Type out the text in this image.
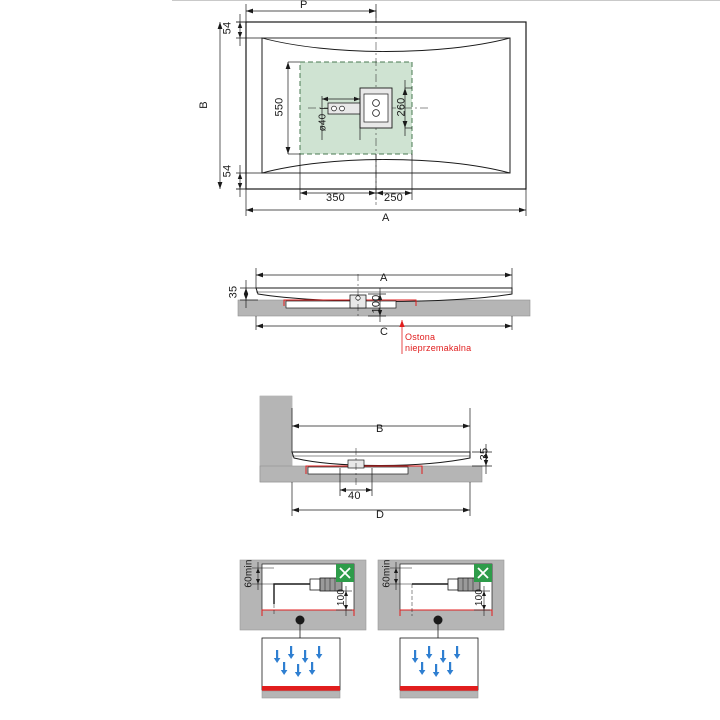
P
54
54
B	550	260
ø40
350	250
A
A
35
100
C Ostona nieprzemakalna
B
35
40
D
60min
100
60min
100
